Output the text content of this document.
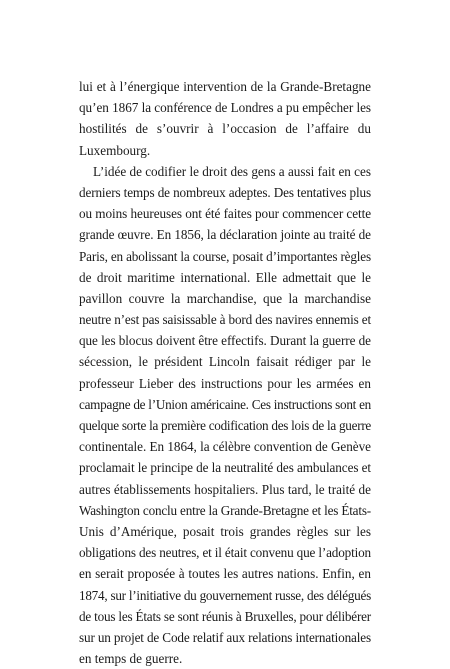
lui et à l’énergique intervention de la Grande-Bretagne
qu’en 1867 la conférence de Londres a pu empêcher les
hostilités de s’ouvrir à l’occasion de l’affaire du
Luxembourg.
L’idée de codifier le droit des gens a aussi fait en ces
derniers temps de nombreux adeptes. Des tentatives plus
ou moins heureuses ont été faites pour commencer cette
grande œuvre. En 1856, la déclaration jointe au traité de
Paris, en abolissant la course, posait d’importantes règles
de droit maritime international. Elle admettait que le
pavillon couvre la marchandise, que la marchandise
neutre n’est pas saisissable à bord des navires ennemis et
que les blocus doivent être effectifs. Durant la guerre de
sécession, le président Lincoln faisait rédiger par le
professeur Lieber des instructions pour les armées en
campagne de l’Union américaine. Ces instructions sont en
quelque sorte la première codification des lois de la guerre
continentale. En 1864, la célèbre convention de Genève
proclamait le principe de la neutralité des ambulances et
autres établissements hospitaliers. Plus tard, le traité de
Washington conclu entre la Grande-Bretagne et les États-
Unis d’Amérique, posait trois grandes règles sur les
obligations des neutres, et il était convenu que l’adoption
en serait proposée à toutes les autres nations. Enfin, en
1874, sur l’initiative du gouvernement russe, des délégués
de tous les États se sont réunis à Bruxelles, pour délibérer
sur un projet de Code relatif aux relations internationales
en temps de guerre.
